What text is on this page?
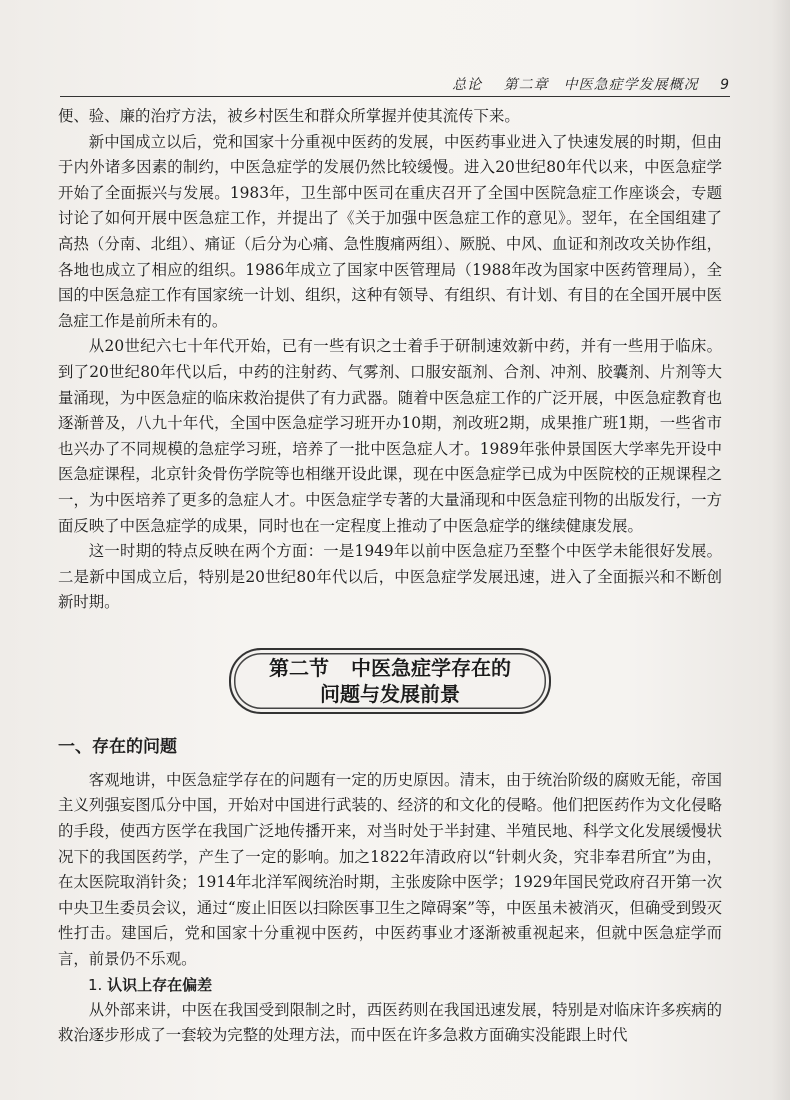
总论 第二章　中医急症学发展概况 9

便、验、廉的治疗方法，被乡村医生和群众所掌握并使其流传下来。

新中国成立以后，党和国家十分重视中医药的发展，中医药事业进入了快速发展的时期，但由于内外诸多因素的制约，中医急症学的发展仍然比较缓慢。进入20世纪80年代以来，中医急症学开始了全面振兴与发展。1983年，卫生部中医司在重庆召开了全国中医院急症工作座谈会，专题讨论了如何开展中医急症工作，并提出了《关于加强中医急症工作的意见》。翌年，在全国组建了高热（分南、北组）、痛证（后分为心痛、急性腹痛两组）、厥脱、中风、血证和剂改攻关协作组，各地也成立了相应的组织。1986年成立了国家中医管理局（1988年改为国家中医药管理局），全国的中医急症工作有国家统一计划、组织，这种有领导、有组织、有计划、有目的在全国开展中医急症工作是前所未有的。

从20世纪六七十年代开始，已有一些有识之士着手于研制速效新中药，并有一些用于临床。到了20世纪80年代以后，中药的注射药、气雾剂、口服安瓿剂、合剂、冲剂、胶囊剂、片剂等大量涌现，为中医急症的临床救治提供了有力武器。随着中医急症工作的广泛开展，中医急症教育也逐渐普及，八九十年代，全国中医急症学习班开办10期，剂改班2期，成果推广班1期，一些省市也兴办了不同规模的急症学习班，培养了一批中医急症人才。1989年张仲景国医大学率先开设中医急症课程，北京针灸骨伤学院等也相继开设此课，现在中医急症学已成为中医院校的正规课程之一，为中医培养了更多的急症人才。中医急症学专著的大量涌现和中医急症刊物的出版发行，一方面反映了中医急症学的成果，同时也在一定程度上推动了中医急症学的继续健康发展。

这一时期的特点反映在两个方面：一是1949年以前中医急症乃至整个中医学未能很好发展。二是新中国成立后，特别是20世纪80年代以后，中医急症学发展迅速，进入了全面振兴和不断创新时期。

第二节 中医急症学存在的
问题与发展前景
一、存在的问题

客观地讲，中医急症学存在的问题有一定的历史原因。清末，由于统治阶级的腐败无能，帝国主义列强妄图瓜分中国，开始对中国进行武装的、经济的和文化的侵略。他们把医药作为文化侵略的手段，使西方医学在我国广泛地传播开来，对当时处于半封建、半殖民地、科学文化发展缓慢状况下的我国医药学，产生了一定的影响。加之1822年清政府以“针刺火灸，究非奉君所宜”为由，在太医院取消针灸；1914年北洋军阀统治时期，主张废除中医学；1929年国民党政府召开第一次中央卫生委员会议，通过“废止旧医以扫除医事卫生之障碍案”等，中医虽未被消灭，但确受到毁灭性打击。建国后，党和国家十分重视中医药，中医药事业才逐渐被重视起来，但就中医急症学而言，前景仍不乐观。

1. 认识上存在偏差

从外部来讲，中医在我国受到限制之时，西医药则在我国迅速发展，特别是对临床许多疾病的救治逐步形成了一套较为完整的处理方法，而中医在许多急救方面确实没能跟上时代
